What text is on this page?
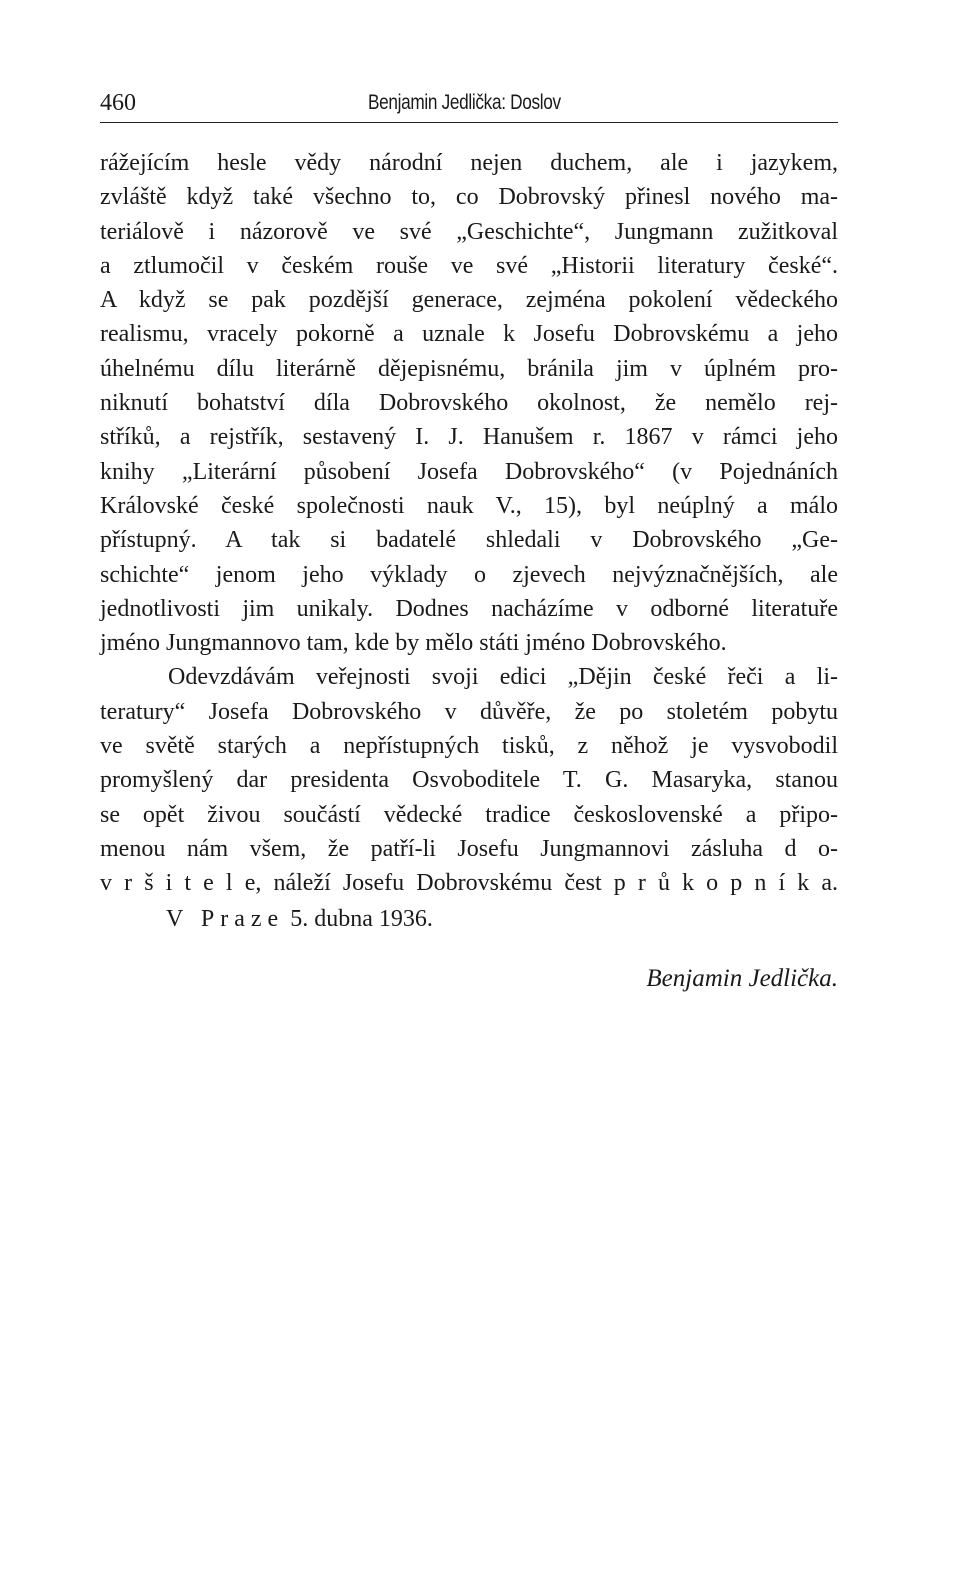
460	Benjamin Jedlička: Doslov
rážejícím hesle vědy národní nejen duchem, ale i jazykem,
zvláště když také všechno to, co Dobrovský přinesl nového ma-
teriálově i názorově ve své „Geschichte“, Jungmann zužitkoval
a ztlumočil v českém rouše ve své „Historii literatury české“.
A když se pak pozdější generace, zejména pokolení vědeckého
realismu, vracely pokorně a uznale k Josefu Dobrovskému a jeho
úhelnému dílu literárně dějepisnému, bránila jim v úplném pro-
niknutí bohatství díla Dobrovského okolnost, že nemělo rej-
stříků, a rejstřík, sestavený I. J. Hanušem r. 1867 v rámci jeho
knihy „Literární působení Josefa Dobrovského“ (v Pojednáních
Královské české společnosti nauk V., 15), byl neúplný a málo
přístupný. A tak si badatelé shledali v Dobrovského „Ge-
schichte“ jenom jeho výklady o zjevech nejvýznačnějších, ale
jednotlivosti jim unikaly. Dodnes nacházíme v odborné literatuře
jméno Jungmannovo tam, kde by mělo státi jméno Dobrovského.
Odevzdávám veřejnosti svoji edici „Dějin české řeči a li-
teratury“ Josefa Dobrovského v důvěře, že po stoletém pobytu
ve světě starých a nepřístupných tisků, z něhož je vysvobodil
promyšlený dar presidenta Osvoboditele T. G. Masaryka, stanou
se opět živou součástí vědecké tradice československé a připo-
menou nám všem, že patří-li Josefu Jungmannovi zásluha d o-
v r š i t e l e, náleží Josefu Dobrovskému čest p r ů k o p n í k a.
V Praze 5. dubna 1936.
Benjamin Jedlička.
